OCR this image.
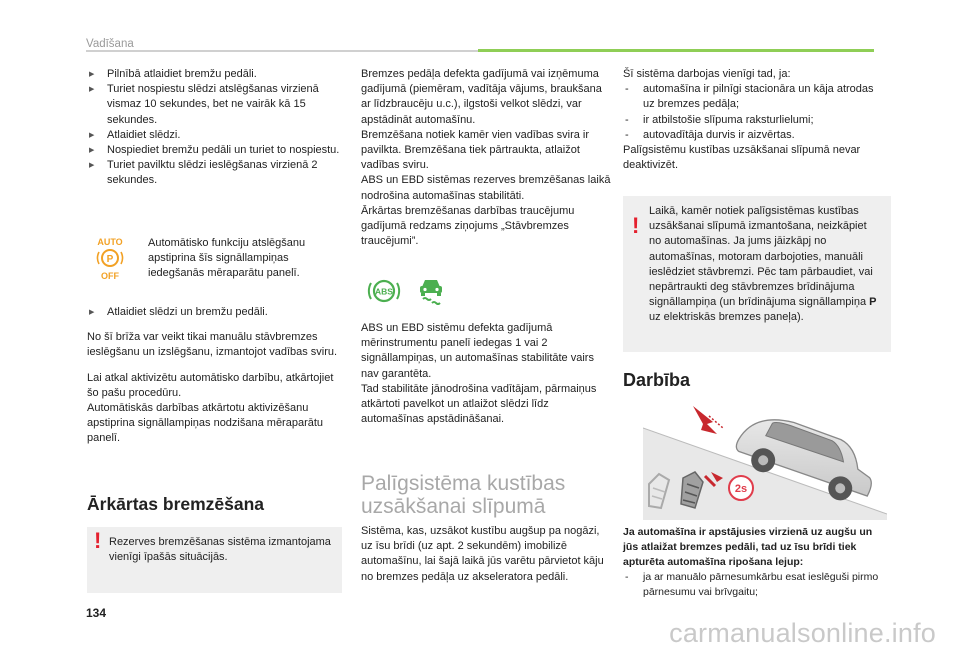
Vadīšana

▶ Pilnībā atlaidiet bremžu pedāli.

▶ Turiet nospiestu slēdzi atslēgšanas virzienā vismaz 10 sekundes, bet ne vairāk kā 15 sekundes.

▶ Atlaidiet slēdzi.

▶ Nospiediet bremžu pedāli un turiet to nospiestu.

▶ Turiet pavilktu slēdzi ieslēgšanas virzienā 2 sekundes.

AUTO
P
OFF

Automātisko funkciju atslēgšanu apstiprina šīs signāllampiņas iedegšanās mēraparātu panelī.

▶ Atlaidiet slēdzi un bremžu pedāli.

No šī brīža var veikt tikai manuālu stāvbremzes ieslēgšanu un izslēgšanu, izmantojot vadības sviru.

Lai atkal aktivizētu automātisko darbību, atkārtojiet šo pašu procedūru.

Automātiskās darbības atkārtotu aktivizēšanu apstiprina signāllampiņas nodzišana mēraparātu panelī.

Ārkārtas bremzēšana
! Rezerves bremzēšanas sistēma izmantojama vienīgi īpašās situācijās.

Bremzes pedāļa defekta gadījumā vai izņēmuma gadījumā (piemēram, vadītāja vājums, braukšana ar līdzbraucēju u.c.), ilgstoši velkot slēdzi, var apstādināt automašīnu.

Bremzēšana notiek kamēr vien vadības svira ir pavilkta. Bremzēšana tiek pārtraukta, atlaižot vadības sviru.

ABS un EBD sistēmas rezerves bremzēšanas laikā nodrošina automašīnas stabilitāti.

Ārkārtas bremzēšanas darbības traucējumu gadījumā redzams ziņojums „Stāvbremzes traucējumi”.

ABS

ABS un EBD sistēmu defekta gadījumā mērinstrumentu panelī iedegas 1 vai 2 signāllampiņas, un automašīnas stabilitāte vairs nav garantēta.

Tad stabilitāte jānodrošina vadītājam, pārmaiņus atkārtoti pavelkot un atlaižot slēdzi līdz automašīnas apstādināšanai.

Palīgsistēma kustības uzsākšanai slīpumā

Sistēma, kas, uzsākot kustību augšup pa nogāzi, uz īsu brīdi (uz apt. 2 sekundēm) imobilizē automašīnu, lai šajā laikā jūs varētu pārvietot kāju no bremzes pedāļa uz akseleratora pedāli.

Šī sistēma darbojas vienīgi tad, ja:

- automašīna ir pilnīgi stacionāra un kāja atrodas uz bremzes pedāļa;

- ir atbilstošie slīpuma raksturlielumi;

- autovadītāja durvis ir aizvērtas.

Palīgsistēmu kustības uzsākšanai slīpumā nevar deaktivizēt.

!

Laikā, kamēr notiek palīgsistēmas kustības uzsākšanai slīpumā izmantošana, neizkāpiet no automašīnas. Ja jums jāizkāpj no automašīnas, motoram darbojoties, manuāli ieslēdziet stāvbremzi. Pēc tam pārbaudiet, vai nepārtraukti deg stāvbremzes brīdinājuma signāllampiņa (un brīdinājuma signāllampiņa P uz elektriskās bremzes paneļa).

Darbība
2s

Ja automašīna ir apstājusies virzienā uz augšu un jūs atlaižat bremzes pedāli, tad uz īsu brīdi tiek apturēta automašīna ripošana lejup:

- ja ar manuālo pārnesumkārbu esat ieslēguši pirmo pārnesumu vai brīvgaitu;

134
carmanualsonline.info
